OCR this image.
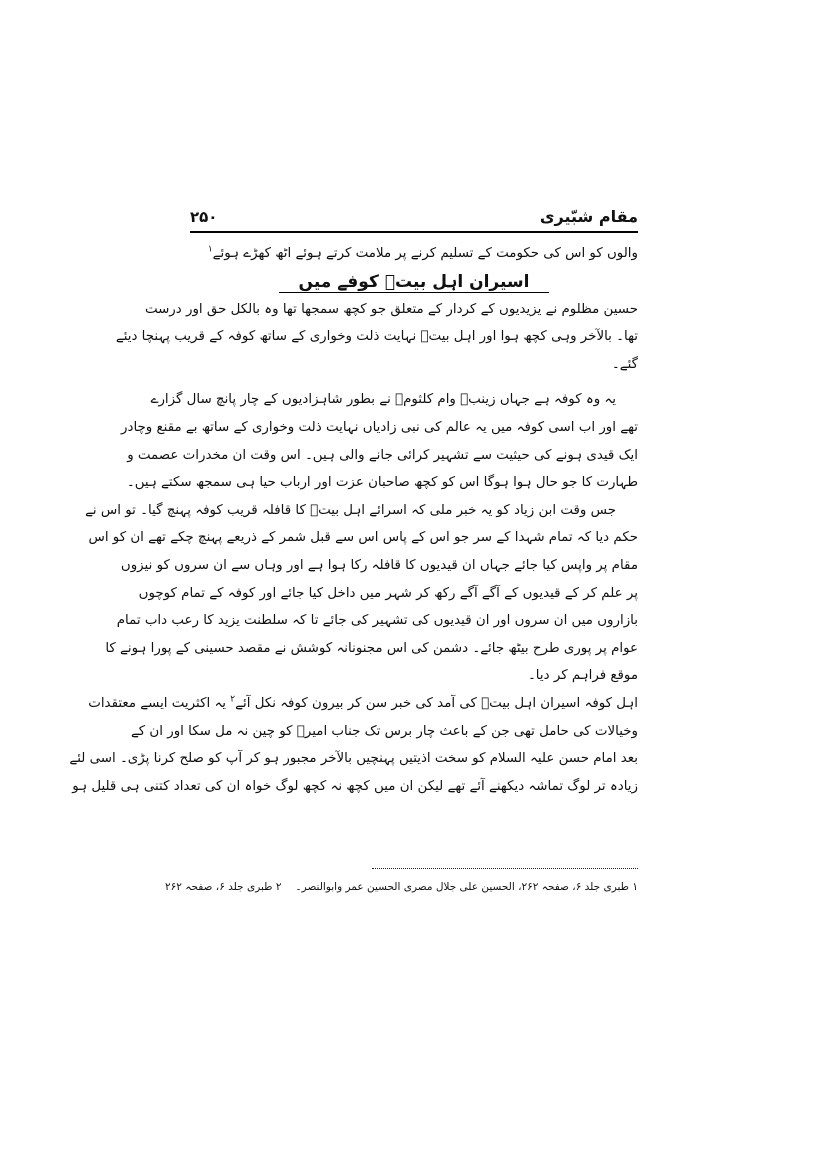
مقام شبّیری
۲۵۰

والوں کو اس کی حکومت کے تسلیم کرنے پر ملامت کرتے ہوئے اٹھ کھڑے ہوئے$^۱$

اسیران اہل بیتؑ کوفے میں

حسین مظلوم نے یزیدیوں کے کردار کے متعلق جو کچھ سمجھا تھا وہ بالکل حق اور درست
تھا۔ بالآخر وہی کچھ ہوا اور اہل بیتؑ نہایت ذلت وخواری کے ساتھ کوفہ کے قریب پہنچا دیئے
گئے۔

یہ وہ کوفہ ہے جہاں زینبؑ وام کلثومؑ نے بطور شاہزادیوں کے چار پانچ سال گزارے
تھے اور اب اسی کوفہ میں یہ عالم کی نبی زادیاں نہایت ذلت وخواری کے ساتھ بے مقنع وچادر
ایک قیدی ہونے کی حیثیت سے تشہیر کرائی جانے والی ہیں۔ اس وقت ان مخدرات عصمت و
طہارت کا جو حال ہوا ہوگا اس کو کچھ صاحبان عزت اور ارباب حیا ہی سمجھ سکتے ہیں۔

جس وقت ابن زیاد کو یہ خبر ملی کہ اسرائے اہل بیتؑ کا قافلہ قریب کوفہ پہنچ گیا۔ تو اس نے
حکم دیا کہ تمام شہدا کے سر جو اس کے پاس اس سے قبل شمر کے ذریعے پہنچ چکے تھے ان کو اس
مقام پر واپس کیا جائے جہاں ان قیدیوں کا قافلہ رکا ہوا ہے اور وہاں سے ان سروں کو نیزوں
پر علم کر کے قیدیوں کے آگے آگے رکھ کر شہر میں داخل کیا جائے اور کوفہ کے تمام کوچوں
بازاروں میں ان سروں اور ان قیدیوں کی تشہیر کی جائے تا کہ سلطنت یزید کا رعب داب تمام
عوام پر پوری طرح بیٹھ جائے۔ دشمن کی اس مجنونانہ کوشش نے مقصد حسینی کے پورا ہونے کا
موقع فراہم کر دیا۔

اہل کوفہ اسیران اہل بیتؑ کی آمد کی خبر سن کر بیرون کوفہ نکل آئے$^۲$ یہ اکثریت ایسے معتقدات
وخیالات کی حامل تھی جن کے باعث چار برس تک جناب امیرؑ کو چین نہ مل سکا اور ان کے
بعد امام حسن علیہ السلام کو سخت اذیتیں پہنچیں بالآخر مجبور ہو کر آپ کو صلح کرنا پڑی۔ اسی لئے
زیادہ تر لوگ تماشہ دیکھنے آئے تھے لیکن ان میں کچھ نہ کچھ لوگ خواہ ان کی تعداد کتنی ہی قلیل ہو

۱ طبری جلد ۶، صفحہ ۲۶۲، الحسین علی جلال مصری الحسین عمر وابوالنصر۔۲ طبری جلد ۶، صفحہ ۲۶۲
